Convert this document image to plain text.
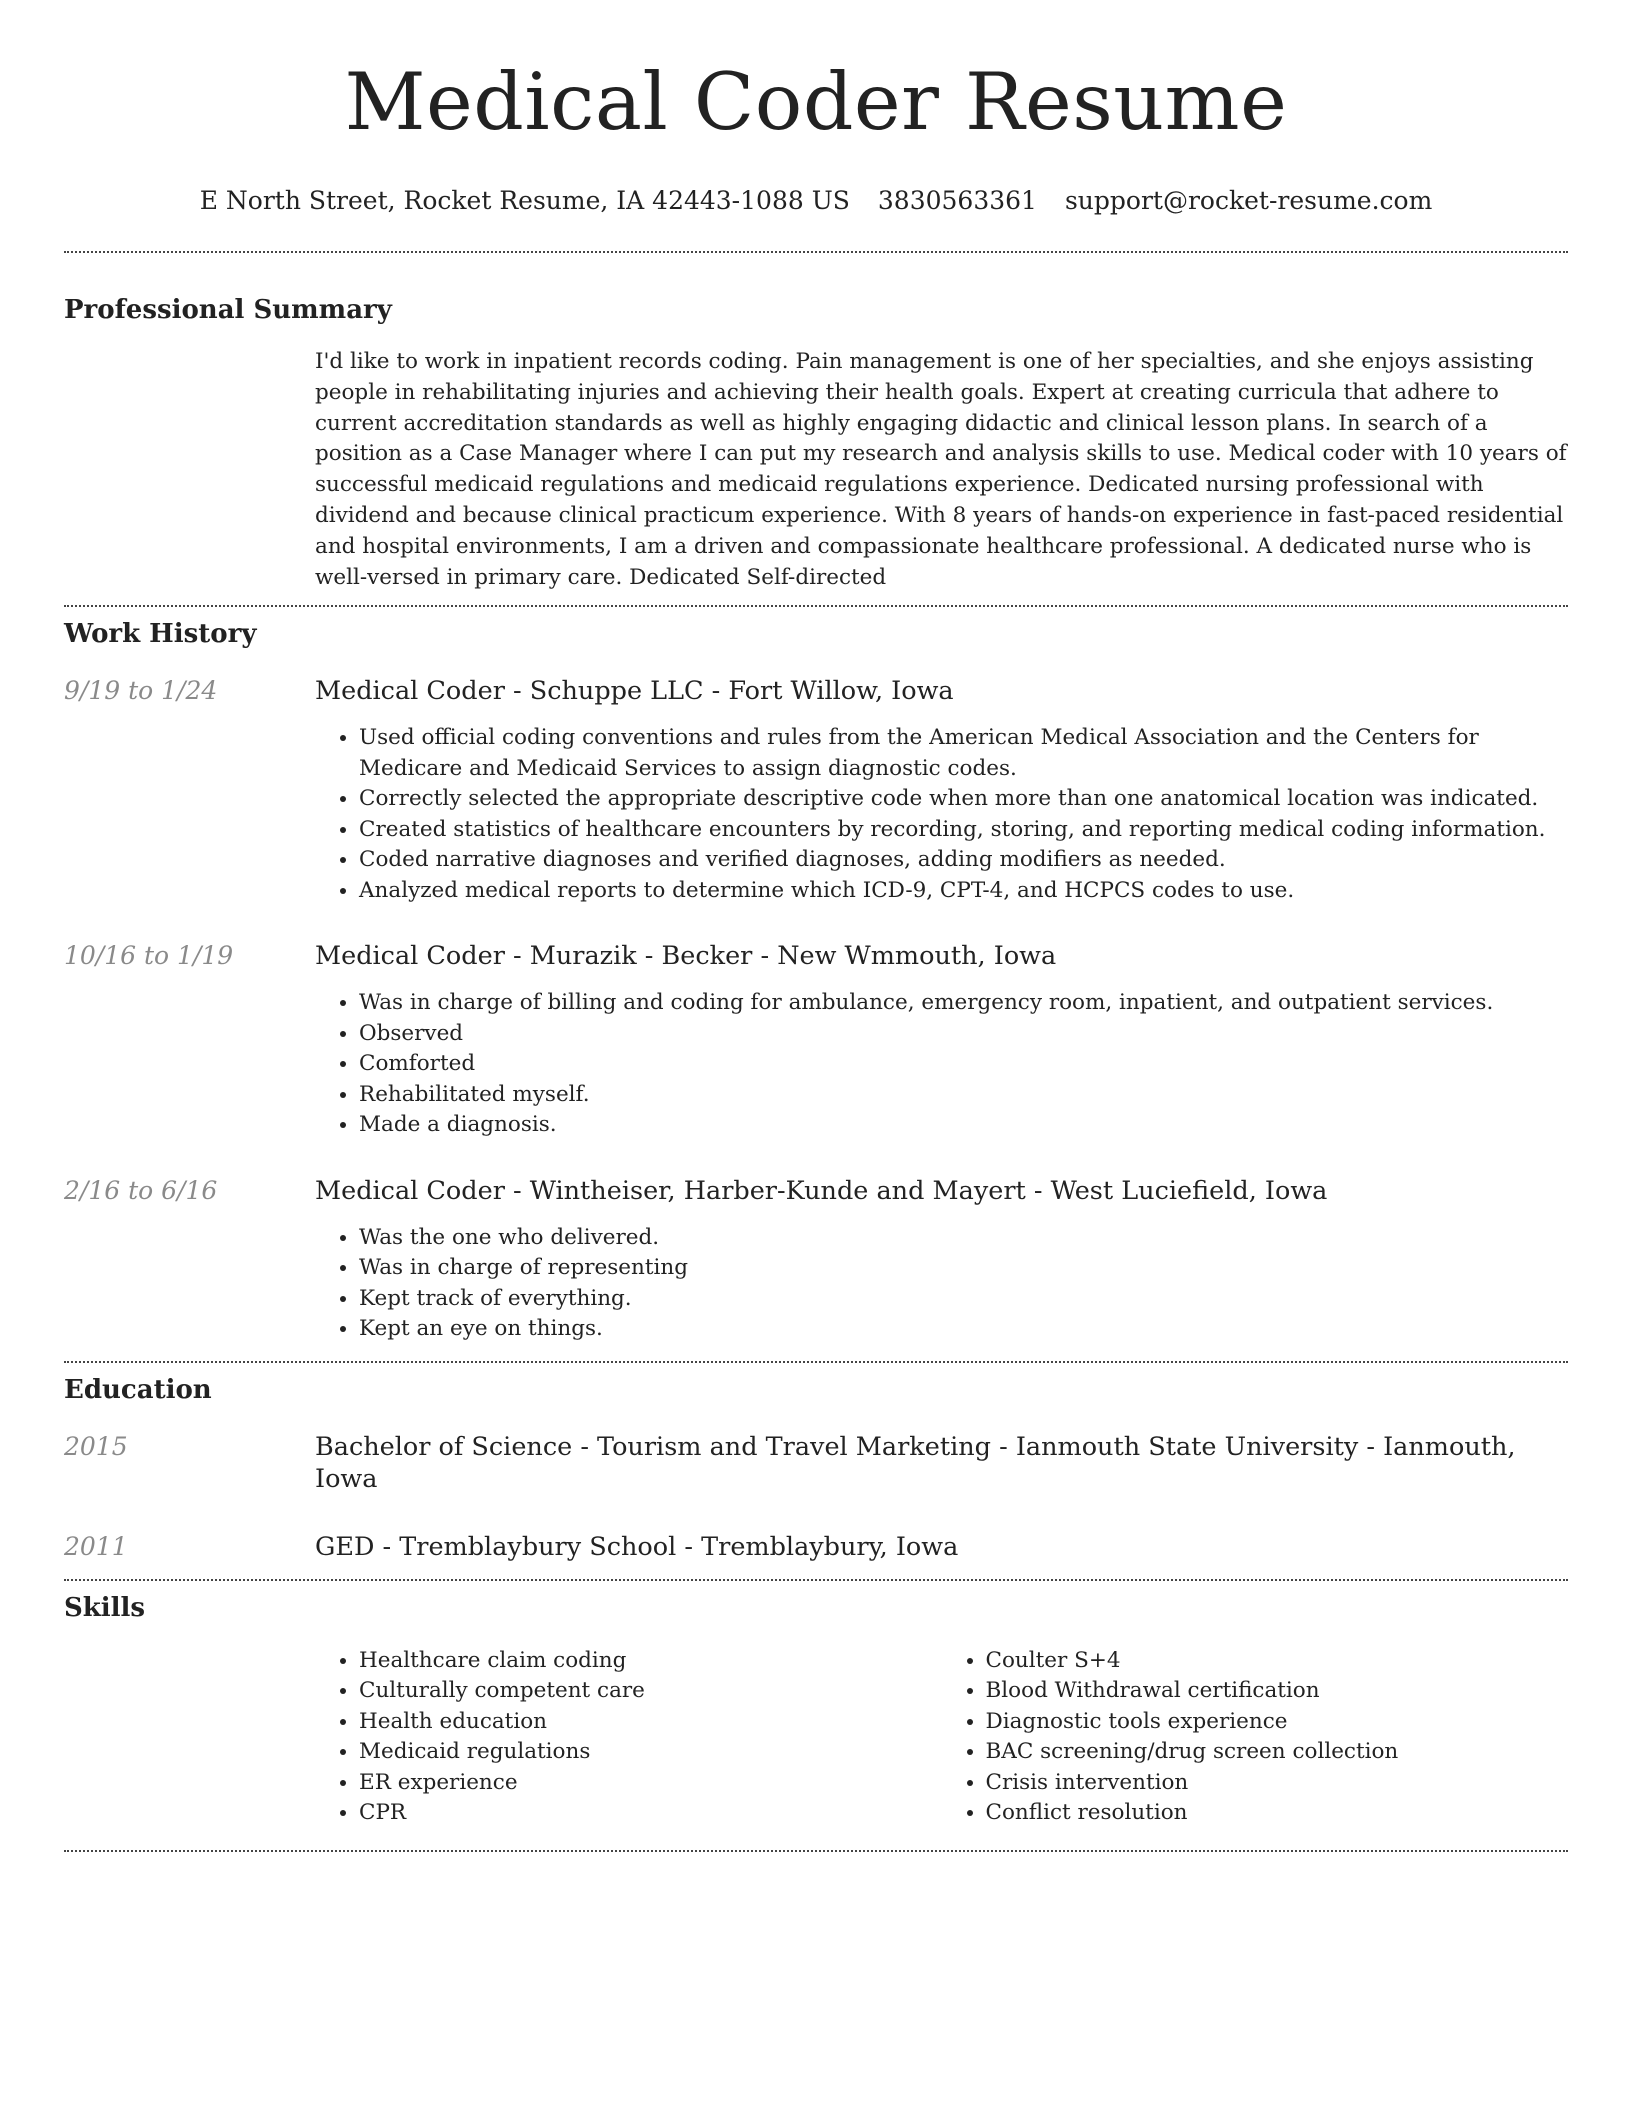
Medical Coder Resume
E North Street, Rocket Resume, IA 42443-1088 US 3830563361 support@rocket-resume.com
Professional Summary

I'd like to work in inpatient records coding. Pain management is one of her specialties, and she enjoys assisting people in rehabilitating injuries and achieving their health goals. Expert at creating curricula that adhere to current accreditation standards as well as highly engaging didactic and clinical lesson plans. In search of a position as a Case Manager where I can put my research and analysis skills to use. Medical coder with 10 years of successful medicaid regulations and medicaid regulations experience. Dedicated nursing professional with dividend and because clinical practicum experience. With 8 years of hands-on experience in fast-paced residential and hospital environments, I am a driven and compassionate healthcare professional. A dedicated nurse who is well-versed in primary care. Dedicated Self-directed

Work History
9/19 to 1/24	Medical Coder - Schuppe LLC - Fort Willow, Iowa
• Used official coding conventions and rules from the American Medical Association and the Centers for Medicare and Medicaid Services to assign diagnostic codes.
• Correctly selected the appropriate descriptive code when more than one anatomical location was indicated.
• Created statistics of healthcare encounters by recording, storing, and reporting medical coding information.
• Coded narrative diagnoses and verified diagnoses, adding modifiers as needed.
• Analyzed medical reports to determine which ICD-9, CPT-4, and HCPCS codes to use.
10/16 to 1/19	Medical Coder - Murazik - Becker - New Wmmouth, Iowa
• Was in charge of billing and coding for ambulance, emergency room, inpatient, and outpatient services.
• Observed
• Comforted
• Rehabilitated myself.
• Made a diagnosis.
2/16 to 6/16	Medical Coder - Wintheiser, Harber-Kunde and Mayert - West Luciefield, Iowa
• Was the one who delivered.
• Was in charge of representing
• Kept track of everything.
• Kept an eye on things.
Education
2015	Bachelor of Science - Tourism and Travel Marketing - Ianmouth State University - Ianmouth, Iowa
2011	GED - Tremblaybury School - Tremblaybury, Iowa
Skills
• Healthcare claim coding
• Culturally competent care
• Health education
• Medicaid regulations
• ER experience
• CPR
• Coulter S+4
• Blood Withdrawal certification
• Diagnostic tools experience
• BAC screening/drug screen collection
• Crisis intervention
• Conflict resolution
